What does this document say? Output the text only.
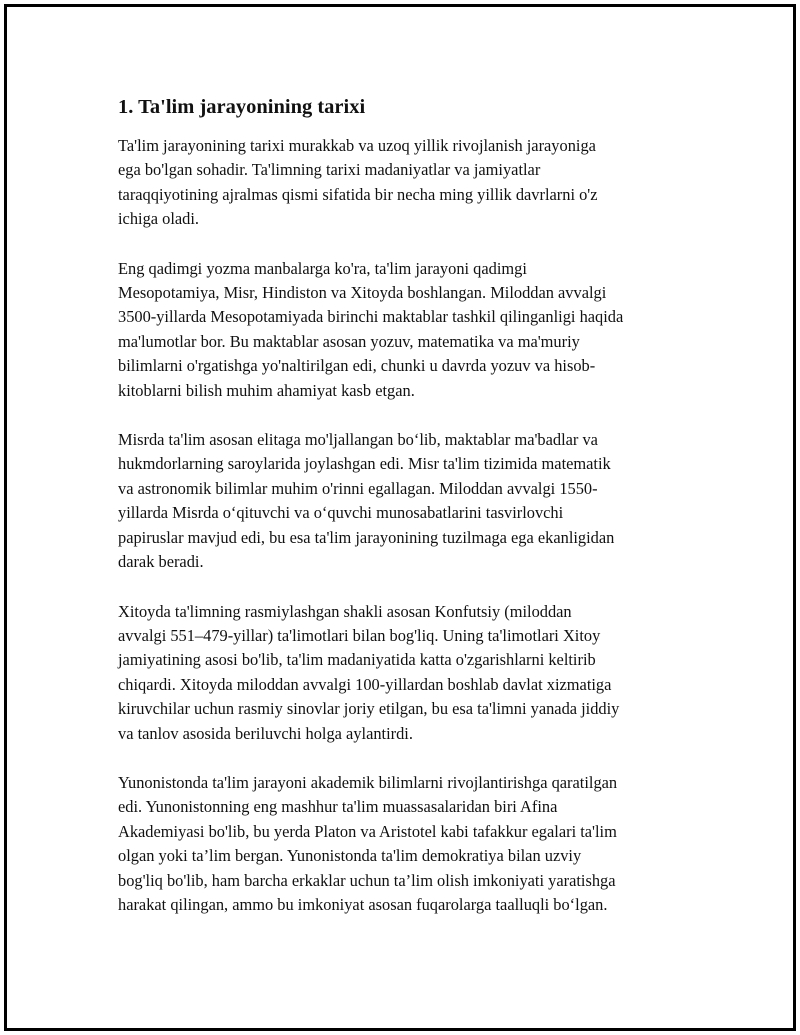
1. Ta'lim jarayonining tarixi

Ta'lim jarayonining tarixi murakkab va uzoq yillik rivojlanish jarayoniga
ega bo'lgan sohadir. Ta'limning tarixi madaniyatlar va jamiyatlar
taraqqiyotining ajralmas qismi sifatida bir necha ming yillik davrlarni o'z
ichiga oladi.

Eng qadimgi yozma manbalarga ko'ra, ta'lim jarayoni qadimgi
Mesopotamiya, Misr, Hindiston va Xitoyda boshlangan. Miloddan avvalgi
3500-yillarda Mesopotamiyada birinchi maktablar tashkil qilinganligi haqida
ma'lumotlar bor. Bu maktablar asosan yozuv, matematika va ma'muriy
bilimlarni o'rgatishga yo'naltirilgan edi, chunki u davrda yozuv va hisob-
kitoblarni bilish muhim ahamiyat kasb etgan.

Misrda ta'lim asosan elitaga mo'ljallangan bo‘lib, maktablar ma'badlar va
hukmdorlarning saroylarida joylashgan edi. Misr ta'lim tizimida matematik
va astronomik bilimlar muhim o'rinni egallagan. Miloddan avvalgi 1550-
yillarda Misrda o‘qituvchi va o‘quvchi munosabatlarini tasvirlovchi
papiruslar mavjud edi, bu esa ta'lim jarayonining tuzilmaga ega ekanligidan
darak beradi.

Xitoyda ta'limning rasmiylashgan shakli asosan Konfutsiy (miloddan
avvalgi 551–479-yillar) ta'limotlari bilan bog'liq. Uning ta'limotlari Xitoy
jamiyatining asosi bo'lib, ta'lim madaniyatida katta o'zgarishlarni keltirib
chiqardi. Xitoyda miloddan avvalgi 100-yillardan boshlab davlat xizmatiga
kiruvchilar uchun rasmiy sinovlar joriy etilgan, bu esa ta'limni yanada jiddiy
va tanlov asosida beriluvchi holga aylantirdi.

Yunonistonda ta'lim jarayoni akademik bilimlarni rivojlantirishga qaratilgan
edi. Yunonistonning eng mashhur ta'lim muassasalaridan biri Afina
Akademiyasi bo'lib, bu yerda Platon va Aristotel kabi tafakkur egalari ta'lim
olgan yoki ta’lim bergan. Yunonistonda ta'lim demokratiya bilan uzviy
bog'liq bo'lib, ham barcha erkaklar uchun ta’lim olish imkoniyati yaratishga
harakat qilingan, ammo bu imkoniyat asosan fuqarolarga taalluqli bo‘lgan.
